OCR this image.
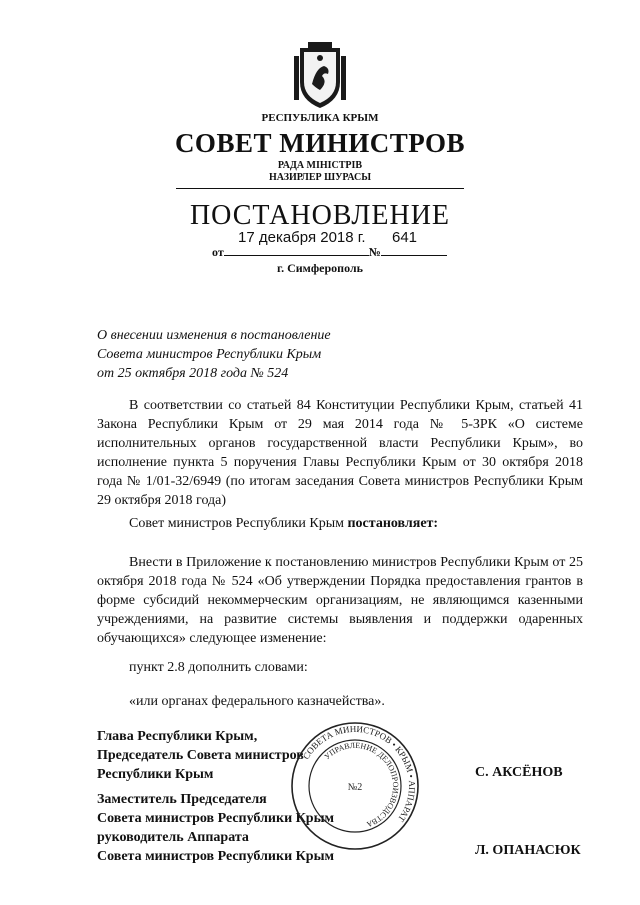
РЕСПУБЛИКА КРЫМ
СОВЕТ МИНИСТРОВ
РАДА МІНІСТРІВ
НАЗИРЛЕР ШУРАСЫ
ПОСТАНОВЛЕНИЕ
17 декабря 2018 г. 641
от	№
г. Симферополь
О внесении изменения в постановление
Совета министров Республики Крым
от 25 октября 2018 года № 524
В соответствии со статьей 84 Конституции Республики Крым, статьей 41 Закона Республики Крым от 29 мая 2014 года № 5-ЗРК «О системе исполнительных органов государственной власти Республики Крым», во исполнение пункта 5 поручения Главы Республики Крым от 30 октября 2018 года № 1/01-32/6949 (по итогам заседания Совета министров Республики Крым 29 октября 2018 года)
Совет министров Республики Крым постановляет:
Внести в Приложение к постановлению министров Республики Крым от 25 октября 2018 года № 524 «Об утверждении Порядка предоставления грантов в форме субсидий некоммерческим организациям, не являющимся казенными учреждениями, на развитие системы выявления и поддержки одаренных обучающихся» следующее изменение:
пункт 2.8 дополнить словами:
«или органах федерального казначейства».
Глава Республики Крым,
Председатель Совета министров
Республики Крым	С. АКСЁНОВ
Заместитель Председателя
Совета министров Республики Крым
руководитель Аппарата
Совета министров Республики Крым	Л. ОПАНАСЮК
СОВЕТА МИНИСТРОВ • КРЫМ • АППАРАТ
УПРАВЛЕНИЕ ДЕЛОПРОИЗВОДСТВА
№2
